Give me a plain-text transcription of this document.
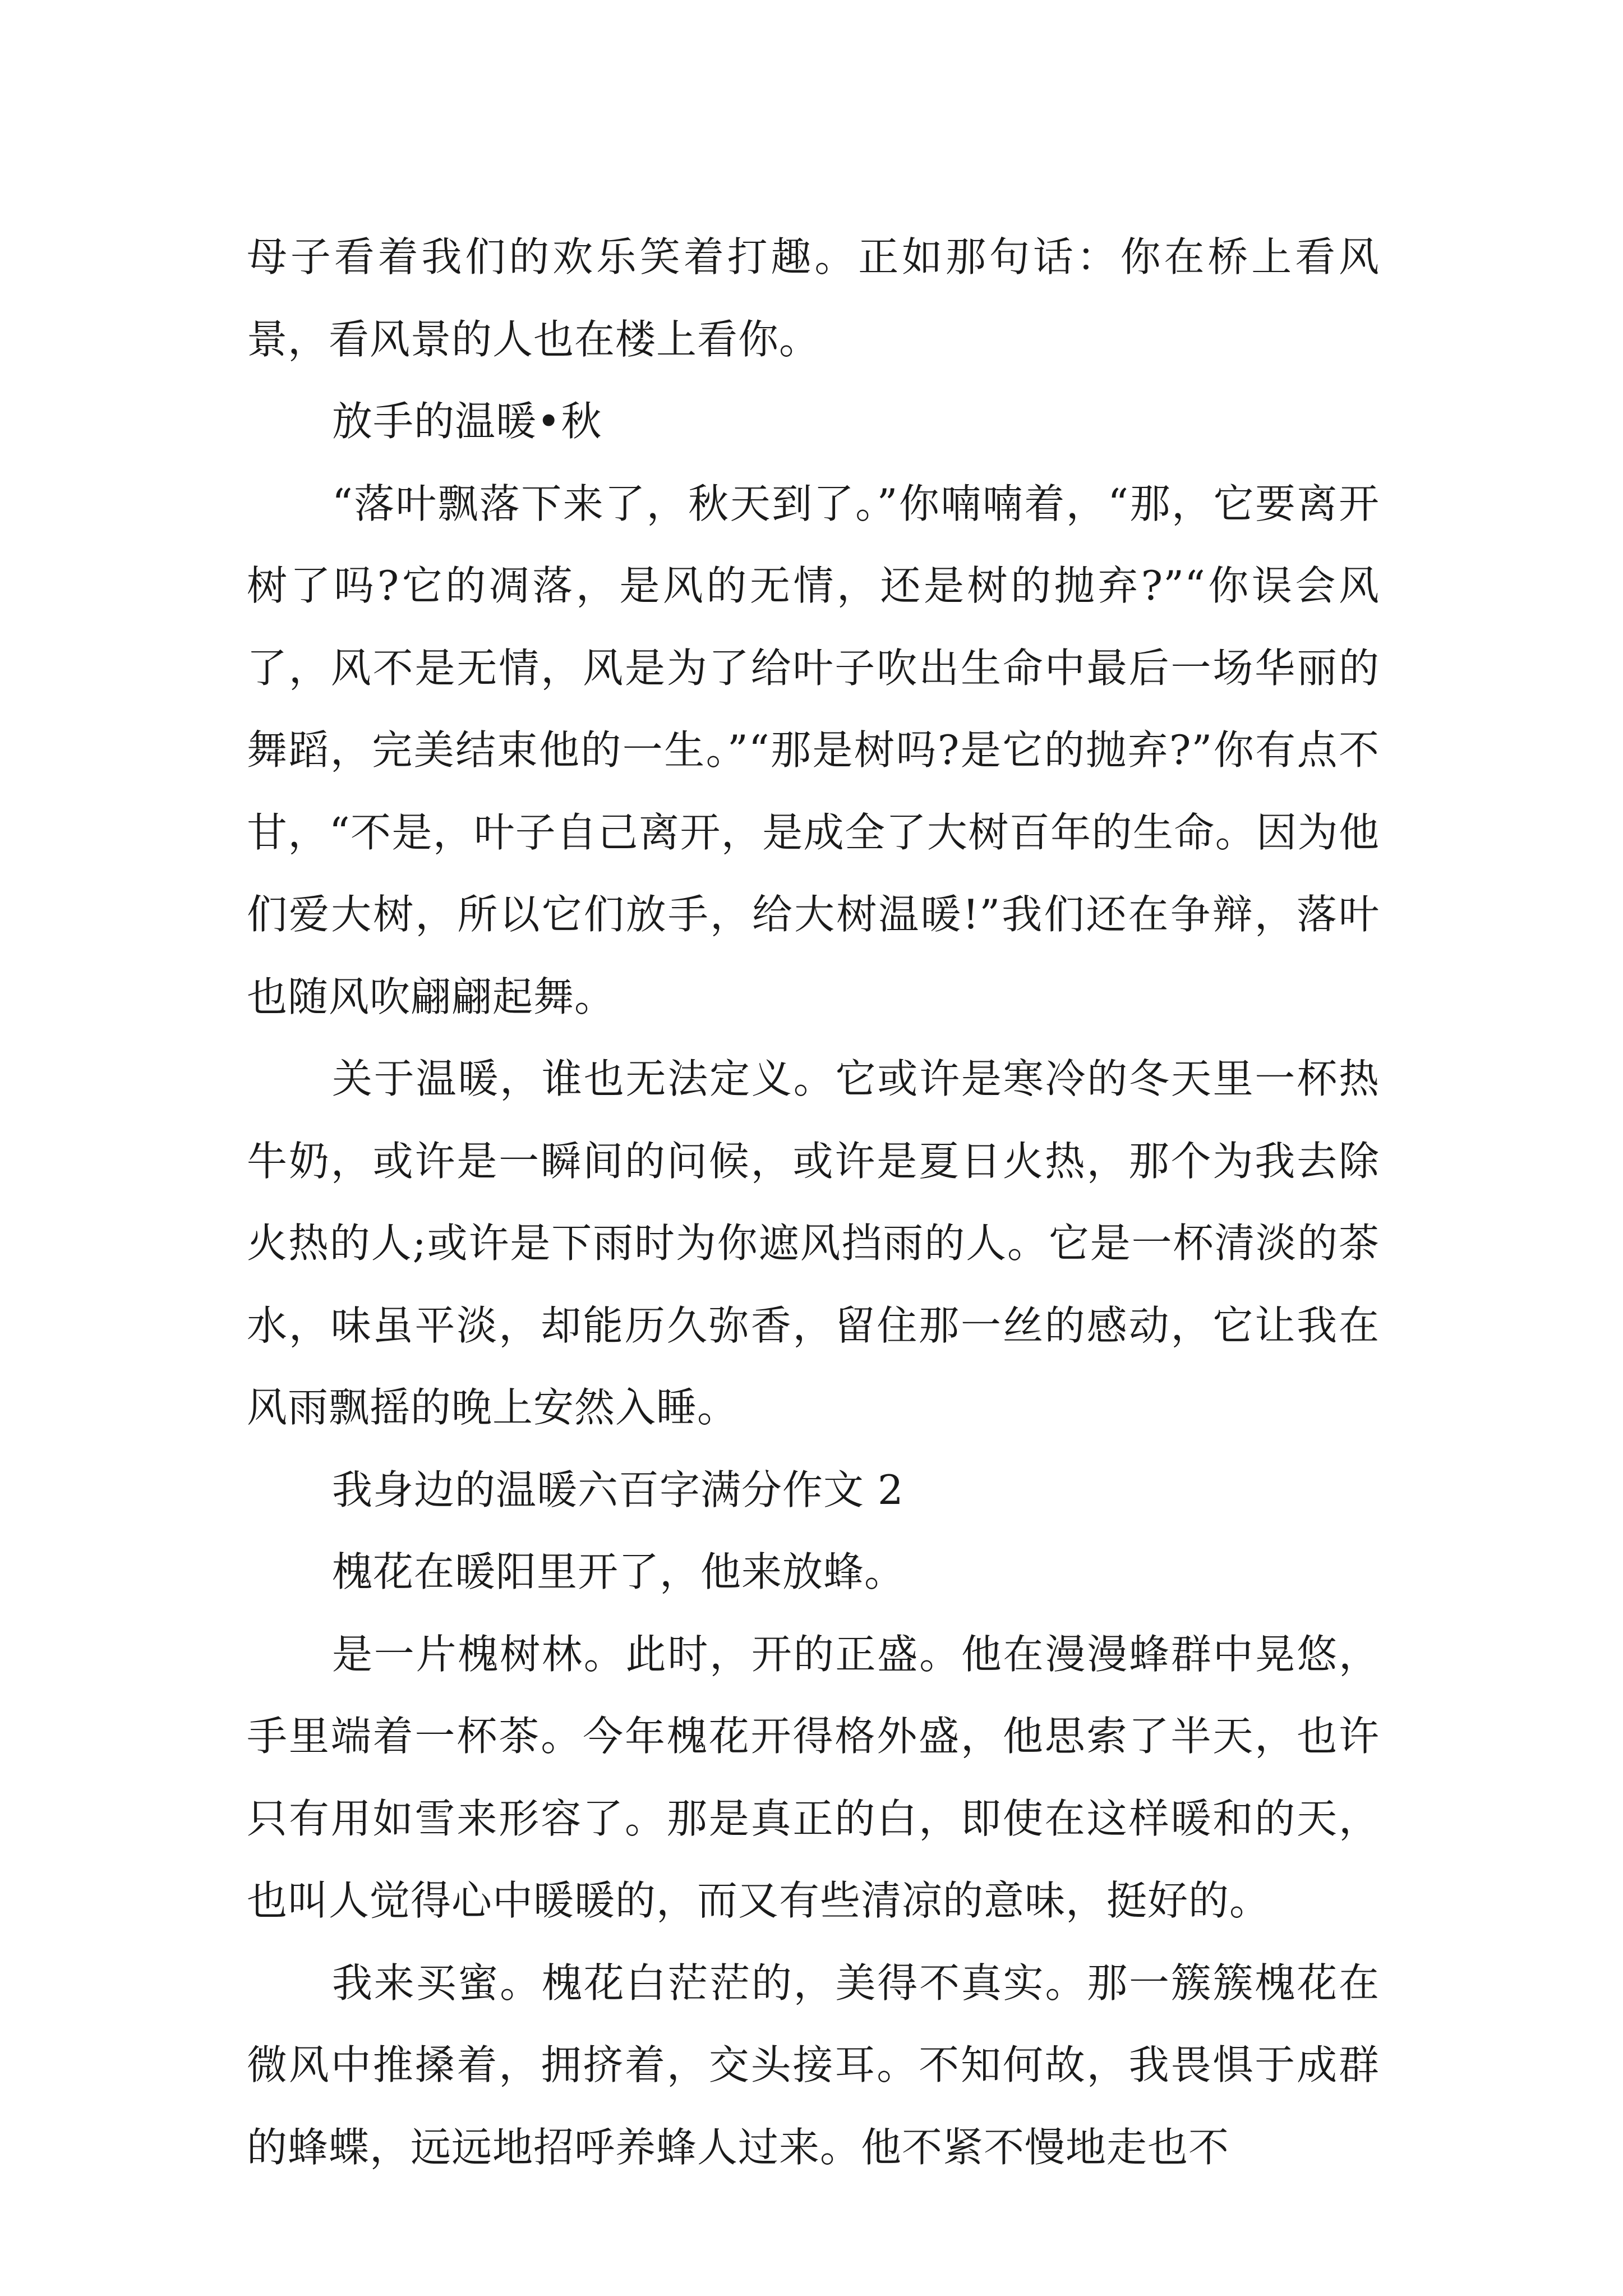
母子看着我们的欢乐笑着打趣。正如那句话：你在桥上看风景，看风景的人也在楼上看你。

放手的温暖•秋

“落叶飘落下来了，秋天到了。”你喃喃着，“那，它要离开树了吗?它的凋落，是风的无情，还是树的抛弃?”“你误会风了，风不是无情，风是为了给叶子吹出生命中最后一场华丽的舞蹈，完美结束他的一生。”“那是树吗?是它的抛弃?”你有点不甘，“不是，叶子自己离开，是成全了大树百年的生命。因为他们爱大树，所以它们放手，给大树温暖!”我们还在争辩，落叶也随风吹翩翩起舞。

关于温暖，谁也无法定义。它或许是寒冷的冬天里一杯热牛奶，或许是一瞬间的问候，或许是夏日火热，那个为我去除火热的人;或许是下雨时为你遮风挡雨的人。它是一杯清淡的茶水，味虽平淡，却能历久弥香，留住那一丝的感动，它让我在风雨飘摇的晚上安然入睡。

我身边的温暖六百字满分作文 2

槐花在暖阳里开了，他来放蜂。

是一片槐树林。此时，开的正盛。他在漫漫蜂群中晃悠，手里端着一杯茶。今年槐花开得格外盛，他思索了半天，也许只有用如雪来形容了。那是真正的白，即使在这样暖和的天，也叫人觉得心中暖暖的，而又有些清凉的意味，挺好的。

我来买蜜。槐花白茫茫的，美得不真实。那一簇簇槐花在微风中推搡着，拥挤着，交头接耳。不知何故，我畏惧于成群的蜂蝶，远远地招呼养蜂人过来。他不紧不慢地走也不
